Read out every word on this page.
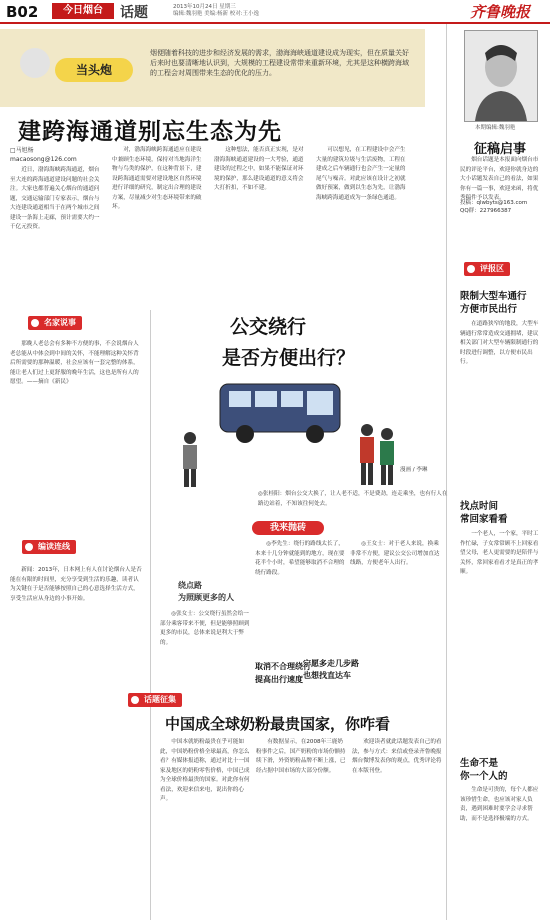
B02	今日烟台	话题	2013年10月24日 星期三
编辑:魏羽艳 美编:杨新 校对:王小逸	齐鲁晚报
当头炮
烟便随着科技的进步和经济发展的需求，渤海海峡通道建设成为现实，但在质量关好后来时也要清晰地认识到，大规模的工程建设常带来重新环境，尤其是这种横跨海域的工程会对周围带来生态的优化的压力。
建跨海通道别忘生态为先
□马旭杨
macaosong@126.com
近日，渤海海峡跨海通道，烟台至大连的跨海通道建设问题的社会关注。大家也都普遍关心烟台的通道问题，交通运输部门专家表示，烟台与大连建设通道相当于在两个城市之间建设一条海上走廊，预计需要大约一千亿元投资。
对，渤海海峡跨海通道应在建设中兼顾生态环境，保持对当地海洋生物与鸟类的保护，在这种背景下，建设跨海通道需要对建设地区自然环境进行详细的研究，制定出合理的建设方案，尽量减少对生态环境带来的破坏。
这种想法，能否真正实现，是对渤海海峡通道建设的一大考验，通道建设的过程之中，如果不能保证对环境的保护，那么建设通道的意义将会大打折扣，不如不建。
可以想见，在工程建设中会产生大量的建筑垃圾与生活废物，工程在建成之后车辆通行也会产生一定量的尾气与噪音。对此应该在设计之初就做好预案，做到以生态为先，让渤海海峡跨海通道成为一条绿色通道。
本期编辑:魏羽艳
征稿启事
烟台话题是本报面向烟台市民的评论平台，欢迎你就身边的大小话题发表自己的看法，如果你有一篇一事，欢迎来函，将优秀稿件予以发表。
投稿：qlwbyts@163.com
QQ群：227966387
评报区
限制大型车通行
方便市民出行
在道路狭窄的地段，大型车辆通行常常造成交通拥堵，建议相关部门对大型车辆限制通行的时段进行调整，以方便市民出行。
找点时间
常回家看看
一个老人，一个家，平时工作忙碌，子女常常顾不上回家看望父母，老人更需要的是陪伴与关怀，常回家看看才是真正的孝顺。
生命不是
你一个人的
生命是可贵的，每个人都应该珍惜生命，也应该对家人负责，遇到困难时要学会寻求帮助，而不是选择极端的方式。
名家说事
那晚人老总会有多种不方便的事，不会说烟台人老总能从中体会到中间的关怀，不能理解这种关怀背后所需要的那种温暖，社会应该有一套完整的体系，能让老人们过上更舒服的晚年生活，这也是所有人的愿望。——摘自《新民》
编读连线
新闻：2013年，日本网上有人在讨论烟台人是否能在有限的时间里，充分享受到生活的乐趣，读者认为关键在于是否能够按照自己的心意选择生活方式，享受生活应从身边的小事开始。
公交绕行
是否方便出行？
漫画 / 李琳
◎张桂阳：烟台公交大换了，让人老不适，不是费劲，连走乘坐，也有行人在路边站着，不知该往何处去。
我来抛砖
绕点路
为照顾更多的人
◎张女士：公交绕行虽然会给一部分乘客带来不便，但是能够照顾到更多的市民，总体来说是利大于弊的。
◎李先生：绕行的路线太长了，本来十几分钟就能到的地方，现在要花半个小时，希望能够取消不合理的绕行路段。
◎王女士：对于老人来说，换乘非常不方便，建议公交公司增加直达线路，方便老年人出行。
宁愿多走几步路
也想找直达车
取消不合理绕行
提高出行速度
话题征集
中国成全球奶粉最贵国家，你咋看
中国本就奶粉最贵在乎可能如此，中国奶粉价格全球最高，你怎么看？有媒体报道称，通过对比十一国家及地区的奶粉零售价格，中国已成为全球价格最贵的国家。对此你有何看法，欢迎来信来电，说出你的心声。
有数据显示，在2008年三鹿奶粉事件之后，国产奶粉的市场份额持续下滑，外资奶粉品牌不断上涨，已经占据中国市场的大部分份额。
欢迎读者就此话题发表自己的看法，参与方式：来信或登录齐鲁晚报烟台微博发表你的观点，优秀评论将在本版刊登。
